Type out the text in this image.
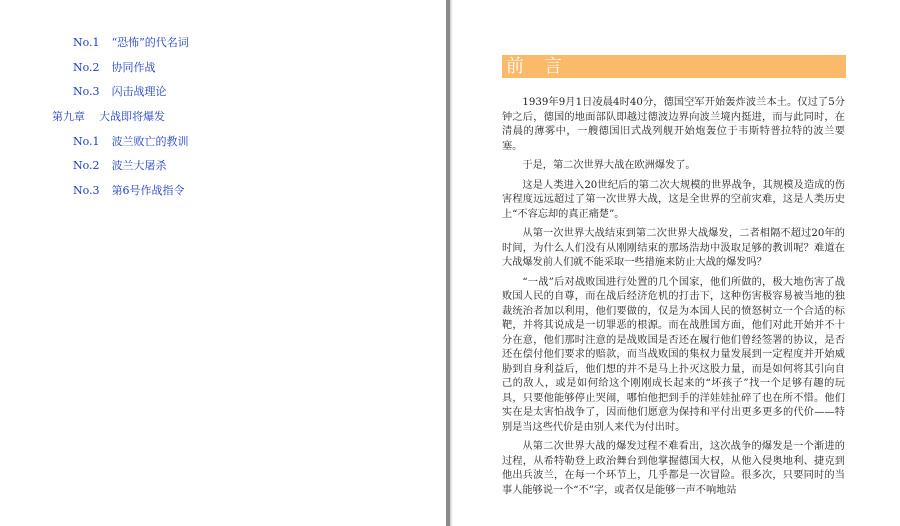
No.1 “恐怖”的代名词
No.2 协同作战
No.3 闪击战理论
第九章 大战即将爆发
No.1 波兰败亡的教训
No.2 波兰大屠杀
No.3 第6号作战指令
前言

1939年9月1日凌晨4时40分，德国空军开始轰炸波兰本土。仅过了5分钟之后，德国的地面部队即越过德波边界向波兰境内挺进，而与此同时，在清晨的薄雾中，一艘德国旧式战列舰开始炮轰位于韦斯特普拉特的波兰要塞。

于是，第二次世界大战在欧洲爆发了。

这是人类进入20世纪后的第二次大规模的世界战争，其规模及造成的伤害程度远远超过了第一次世界大战，这是全世界的空前灾难，这是人类历史上“不容忘却的真正痛楚”。

从第一次世界大战结束到第二次世界大战爆发，二者相隔不超过20年的时间，为什么人们没有从刚刚结束的那场浩劫中汲取足够的教训呢？难道在大战爆发前人们就不能采取一些措施来防止大战的爆发吗？

“一战”后对战败国进行处置的几个国家，他们所做的，极大地伤害了战败国人民的自尊，而在战后经济危机的打击下，这种伤害极容易被当地的独裁统治者加以利用，他们要做的，仅是为本国人民的愤怒树立一个合适的标靶，并将其说成是一切罪恶的根源。而在战胜国方面，他们对此开始并不十分在意，他们那时注意的是战败国是否还在履行他们曾经签署的协议，是否还在偿付他们要求的赔款，而当战败国的集权力量发展到一定程度并开始威胁到自身利益后，他们想的并不是马上扑灭这股力量，而是如何将其引向自己的敌人，或是如何给这个刚刚成长起来的“坏孩子”找一个足够有趣的玩具，只要他能够停止哭闹，哪怕他把到手的洋娃娃扯碎了也在所不惜。他们实在是太害怕战争了，因而他们愿意为保持和平付出更多更多的代价——特别是当这些代价是由别人来代为付出时。

从第二次世界大战的爆发过程不难看出，这次战争的爆发是一个渐进的过程，从希特勒登上政治舞台到他掌握德国大权，从他入侵奥地利、捷克到他出兵波兰，在每一个环节上，几乎都是一次冒险。很多次，只要同时的当事人能够说一个“不”字，或者仅是能够一声不响地站
